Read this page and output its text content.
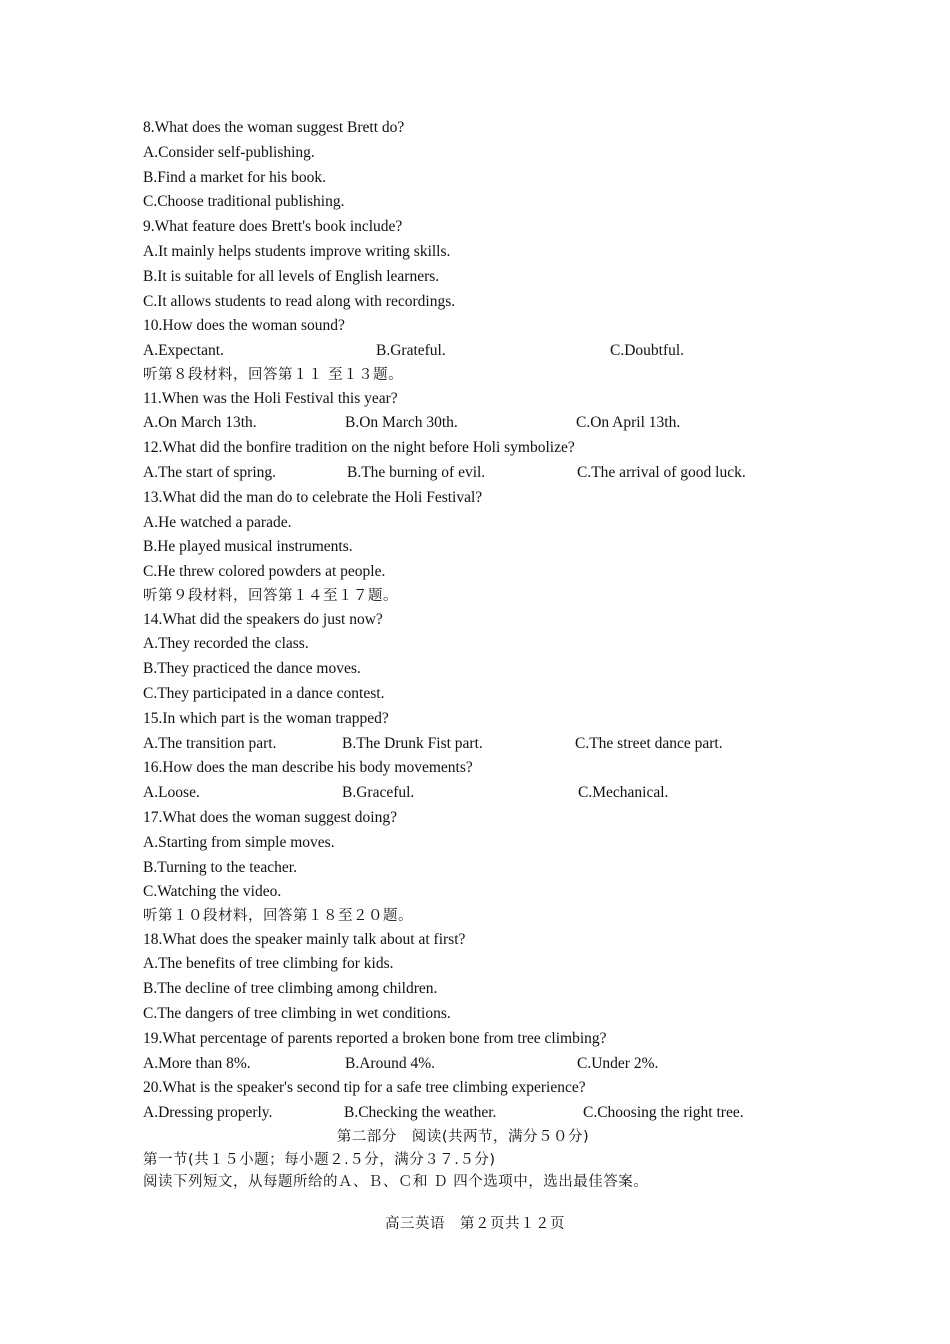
8.What does the woman suggest Brett do?
A.Consider self-publishing.
B.Find a market for his book.
C.Choose traditional publishing.
9.What feature does Brett's book include?
A.It mainly helps students improve writing skills.
B.It is suitable for all levels of English learners.
C.It allows students to read along with recordings.
10.How does the woman sound?
A.Expectant.	B.Grateful.	C.Doubtful.
听第８段材料，回答第１１ 至１３题。
11.When was the Holi Festival this year?
A.On March 13th.	B.On March 30th.	C.On April 13th.
12.What did the bonfire tradition on the night before Holi symbolize?
A.The start of spring.	B.The burning of evil.	C.The arrival of good luck.
13.What did the man do to celebrate the Holi Festival?
A.He watched a parade.
B.He played musical instruments.
C.He threw colored powders at people.
听第９段材料，回答第１４至１７题。
14.What did the speakers do just now?
A.They recorded the class.
B.They practiced the dance moves.
C.They participated in a dance contest.
15.In which part is the woman trapped?
A.The transition part.	B.The Drunk Fist part.	C.The street dance part.
16.How does the man describe his body movements?
A.Loose.	B.Graceful.	C.Mechanical.
17.What does the woman suggest doing?
A.Starting from simple moves.
B.Turning to the teacher.
C.Watching the video.
听第１０段材料，回答第１８至２０题。
18.What does the speaker mainly talk about at first?
A.The benefits of tree climbing for kids.
B.The decline of tree climbing among children.
C.The dangers of tree climbing in wet conditions.
19.What percentage of parents reported a broken bone from tree climbing?
A.More than 8%.	B.Around 4%.	C.Under 2%.
20.What is the speaker's second tip for a safe tree climbing experience?
A.Dressing properly.	B.Checking the weather.	C.Choosing the right tree.
第二部分　阅读(共两节，满分５０分)
第一节(共１５小题；每小题２.５分，满分３７.５分)
阅读下列短文，从每题所给的Ａ、Ｂ、Ｃ和 Ｄ 四个选项中，选出最佳答案。
高三英语　第２页共１２页
